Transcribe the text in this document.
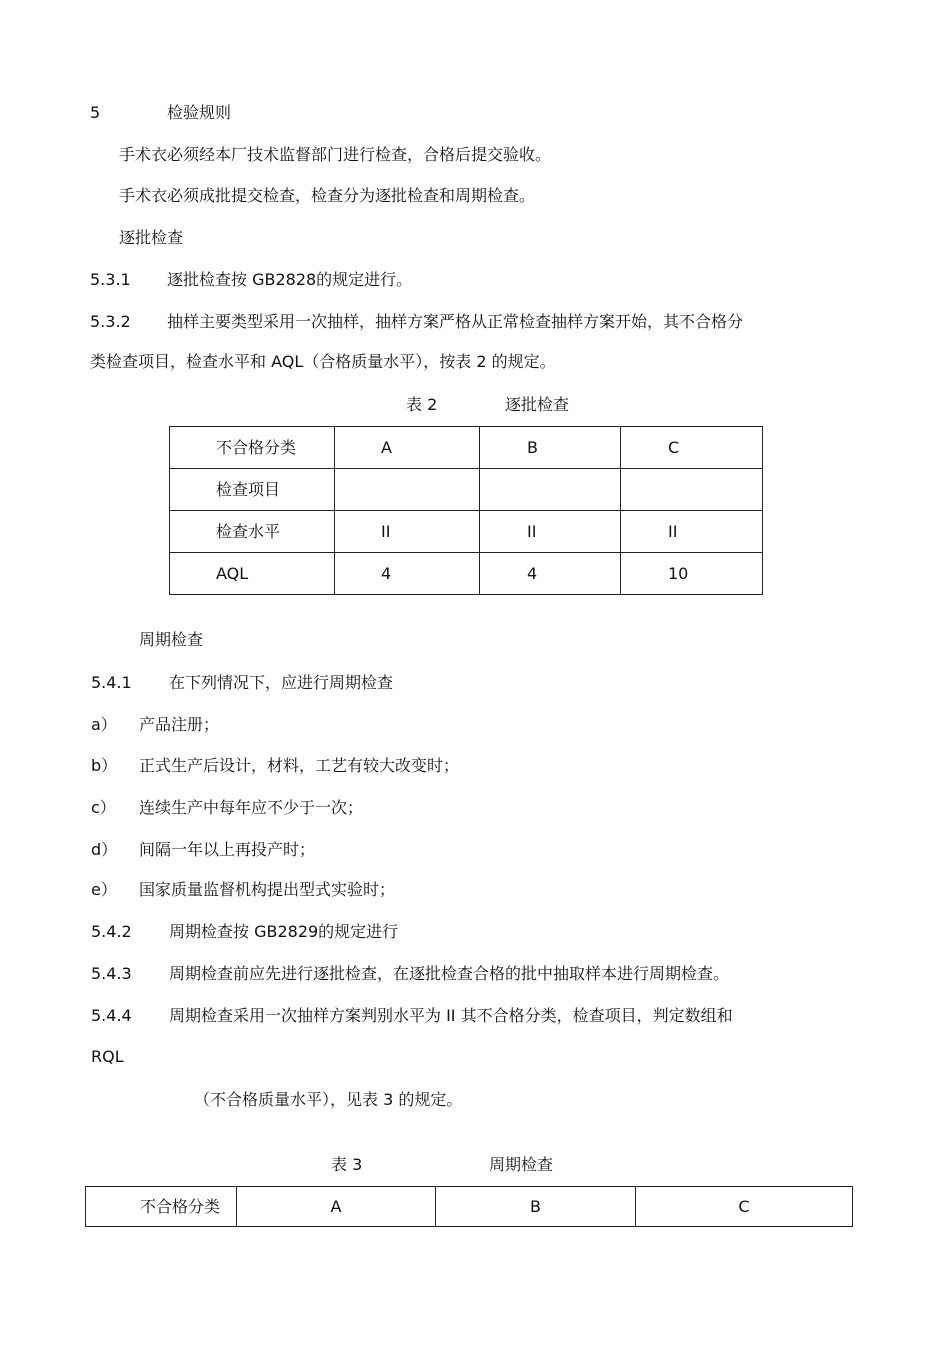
5	检验规则
手术衣必须经本厂技术监督部门进行检查，合格后提交验收。
手术衣必须成批提交检查，检查分为逐批检查和周期检查。
逐批检查
5.3.1 逐批检查按 GB2828的规定进行。
5.3.2 抽样主要类型采用一次抽样，抽样方案严格从正常检查抽样方案开始，其不合格分
类检查项目，检查水平和 AQL（合格质量水平），按表 2 的规定。
表 2	逐批检查
不合格分类	A	B	C
检查项目			
检查水平	II	II	II
AQL	4	4	10
周期检查
5.4.1 在下列情况下，应进行周期检查
a） 产品注册；
b） 正式生产后设计，材料，工艺有较大改变时；
c） 连续生产中每年应不少于一次；
d） 间隔一年以上再投产时；
e） 国家质量监督机构提出型式实验时；
5.4.2 周期检查按 GB2829的规定进行
5.4.3 周期检查前应先进行逐批检查，在逐批检查合格的批中抽取样本进行周期检查。
5.4.4 周期检查采用一次抽样方案判别水平为 II 其不合格分类，检查项目，判定数组和
RQL
（不合格质量水平），见表 3 的规定。
表 3	周期检查
不合格分类	A	B	C
